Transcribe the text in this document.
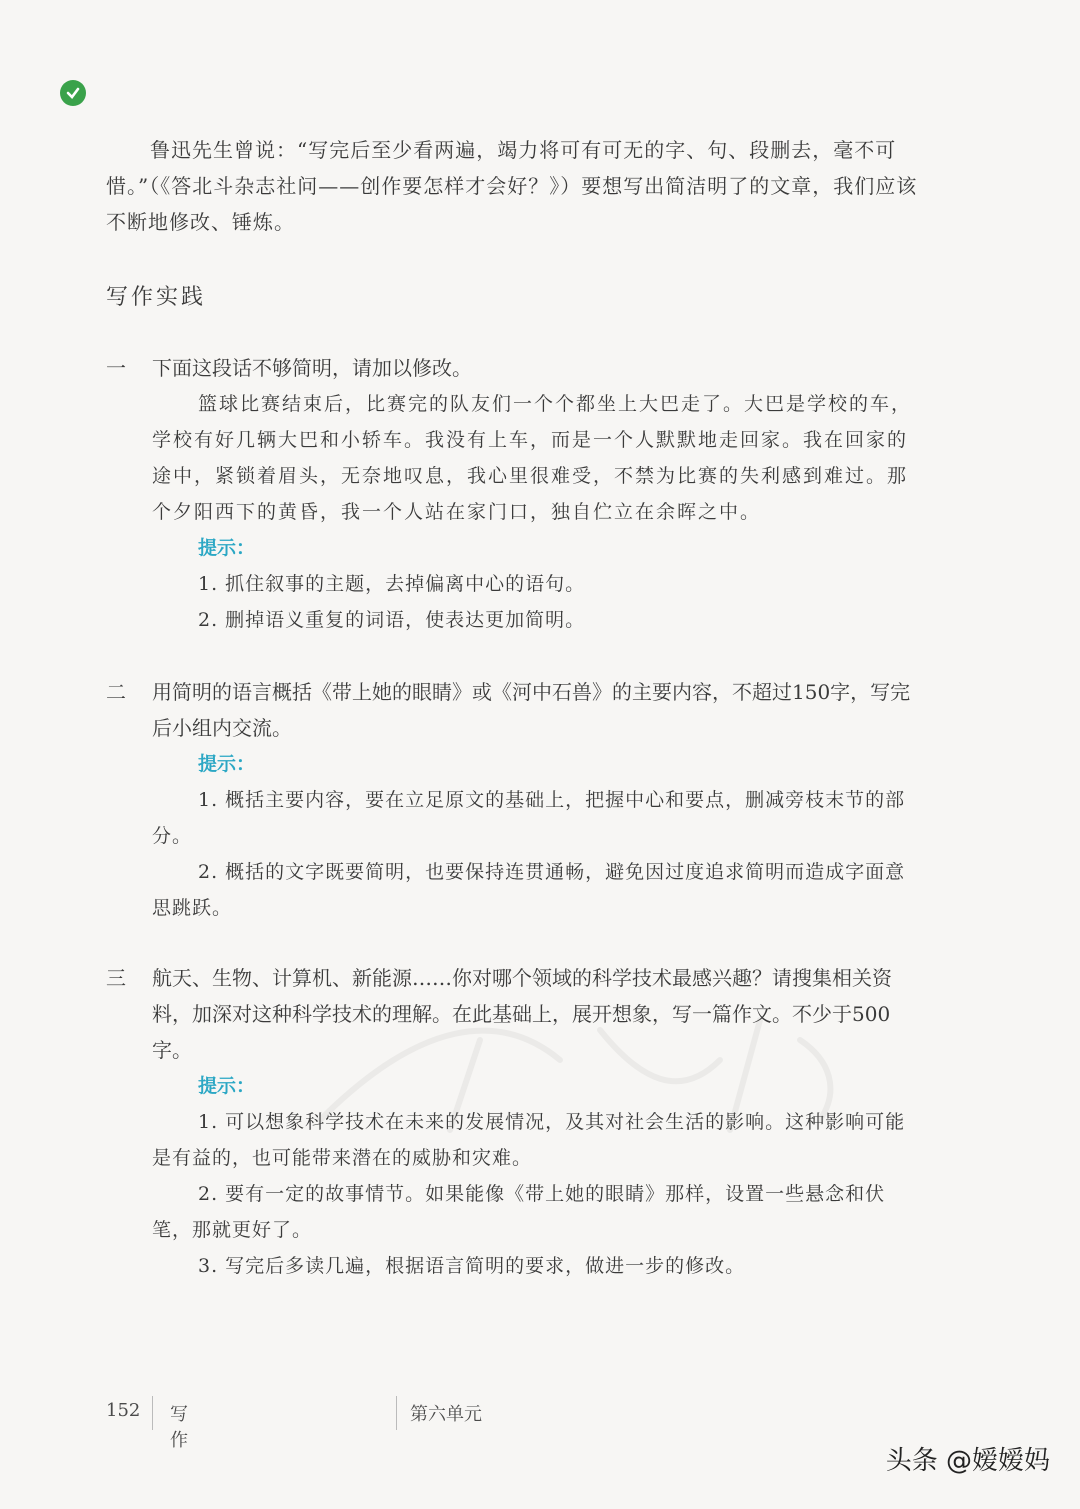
鲁迅先生曾说：“写完后至少看两遍，竭力将可有可无的字、句、段删去，毫不可惜。”（《答北斗杂志社问——创作要怎样才会好？》）要想写出简洁明了的文章，我们应该不断地修改、锤炼。
写作实践
一	下面这段话不够简明，请加以修改。
篮球比赛结束后，比赛完的队友们一个个都坐上大巴走了。大巴是学校的车，学校有好几辆大巴和小轿车。我没有上车，而是一个人默默地走回家。我在回家的途中，紧锁着眉头，无奈地叹息，我心里很难受，不禁为比赛的失利感到难过。那个夕阳西下的黄昏，我一个人站在家门口，独自伫立在余晖之中。
提示：
1. 抓住叙事的主题，去掉偏离中心的语句。
2. 删掉语义重复的词语，使表达更加简明。
二	用简明的语言概括《带上她的眼睛》或《河中石兽》的主要内容，不超过150字，写完后小组内交流。
提示：
1. 概括主要内容，要在立足原文的基础上，把握中心和要点，删减旁枝末节的部分。
2. 概括的文字既要简明，也要保持连贯通畅，避免因过度追求简明而造成字面意思跳跃。
三	航天、生物、计算机、新能源……你对哪个领域的科学技术最感兴趣？请搜集相关资料，加深对这种科学技术的理解。在此基础上，展开想象，写一篇作文。不少于500字。
提示：
1. 可以想象科学技术在未来的发展情况，及其对社会生活的影响。这种影响可能是有益的，也可能带来潜在的威胁和灾难。
2. 要有一定的故事情节。如果能像《带上她的眼睛》那样，设置一些悬念和伏笔，那就更好了。
3. 写完后多读几遍，根据语言简明的要求，做进一步的修改。
152 写作
第六单元
头条 @嫒嫒妈
